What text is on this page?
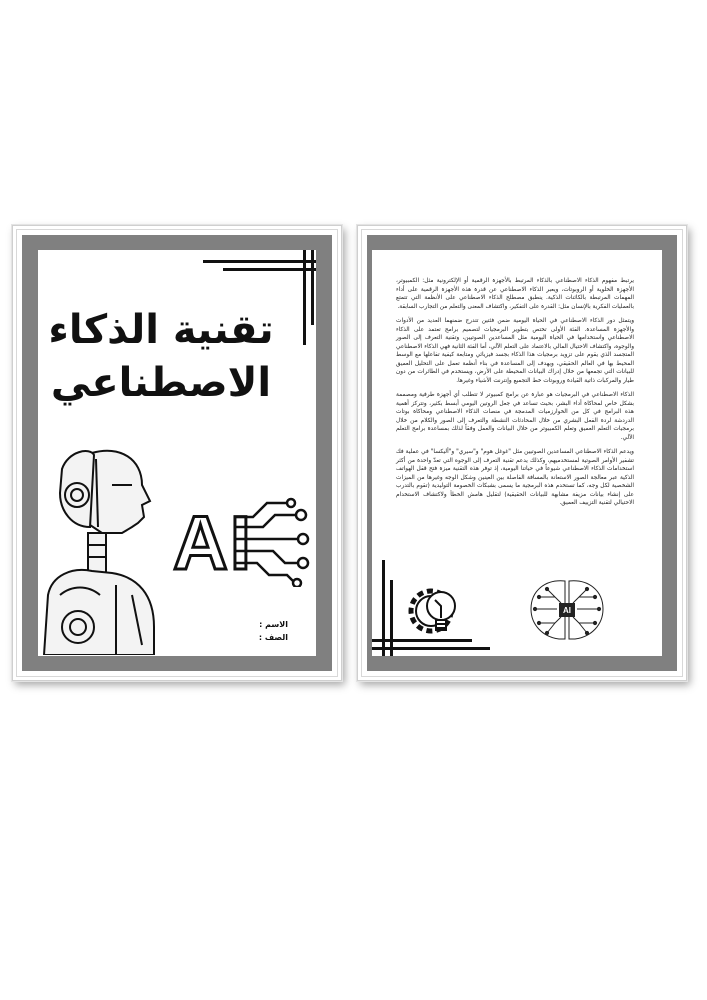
تقنية الذكاء
الاصطناعي
AI
الاسم :
الصف :

يرتبط مفهوم الذكاء الاصطناعي بالذكاء المرتبط بالأجهزة الرقمية أو الإلكترونية مثل: الكمبيوتر، الأجهزة الخلوية أو الروبوتات، ويعبر الذكاء الاصطناعي عن قدرة هذه الأجهزة الرقمية على أداء المهمات المرتبطة بالكائنات الذكية. ينطبق مصطلح الذكاء الاصطناعي على الأنظمة التي تتمتع بالعمليات الفكرية بالإنسان مثل: القدرة على التفكير، واكتشاف المعنى والتعلم من التجارب السابقة.

ويتمثل دور الذكاء الاصطناعي في الحياة اليومية ضمن فئتين تتدرج ضمنهما العديد من الأدوات والأجهزة المساعدة. الفئة الأولى تختص بتطوير البرمجيات لتصميم برامج تعتمد على الذكاء الاصطناعي واستخدامها في الحياة اليومية مثل المساعدين الصوتيين، وتقنية التعرف إلى الصور والوجوه، واكتشاف الاحتيال المالي بالاعتماد على التعلم الآلي، أما الفئة الثانية فهي الذكاء الاصطناعي المتجسد الذي يقوم على تزويد برمجيات هذا الذكاء بجسد فيزيائي ومتابعة كيفية تفاعلها مع الوسط المحيط بها في العالم الحقيقي، ويهدف إلى المساعدة في بناء أنظمة تعمل على التحليل العميق للبيانات التي تجمعها من خلال إدراك البيانات المحيطة على الأرض، ويستخدم في الطائرات من دون طيار والمركبات ذاتية القيادة وروبوتات خط التجميع وإنترنت الأشياء وغيرها.

الذكاء الاصطناعي في البرمجيات هو عبارة عن برامج كمبيوتر لا تتطلب أي أجهزة طرفية ومصممة بشكل خاص لمحاكاة أداء البشر، بحيث تساعد في جعل الروتين اليومي أبسط بكثير، وتتركز أهمية هذه البرامج في كل من الخوارزميات المدمجة في منصات الذكاء الاصطناعي ومحاكاة بوتات الدردشة لردة الفعل البشري من خلال المحادثات النشطة والتعرف إلى الصور والكلام من خلال برمجيات التعلم العميق وتعلم الكمبيوتر من خلال البيانات والعمل وفقاً لذلك بمساعدة برامج التعلم الآلي.

ويدعم الذكاء الاصطناعي المساعدين الصوتيين مثل "غوغل هوم" و"سيري" و"أليكسا" في عملية فك تشفير الأوامر الصوتية لمستخدميهم، وكذلك يدعم تقنية التعرف إلى الوجوه التي تعدّ واحدة من أكثر استخدامات الذكاء الاصطناعي شيوعاً في حياتنا اليومية، إذ توفر هذه التقنية ميزة فتح قفل الهواتف الذكية عبر معالجة الصور الاستعانة بالمسافة الفاصلة بين العينين وشكل الوجه وغيرها من الميزات الشخصية لكل وجه، كما تستخدم هذه البرمجية ما يسمى بشبكات الخصومة التوليدية (تقوم بالتدرب على إنشاء بيانات مزيفة مشابهة للبيانات الحقيقية) لتقليل هامش الخطأ ولاكتشاف الاستخدام الاحتيالي لتقنية التزييف العميق.

AI
